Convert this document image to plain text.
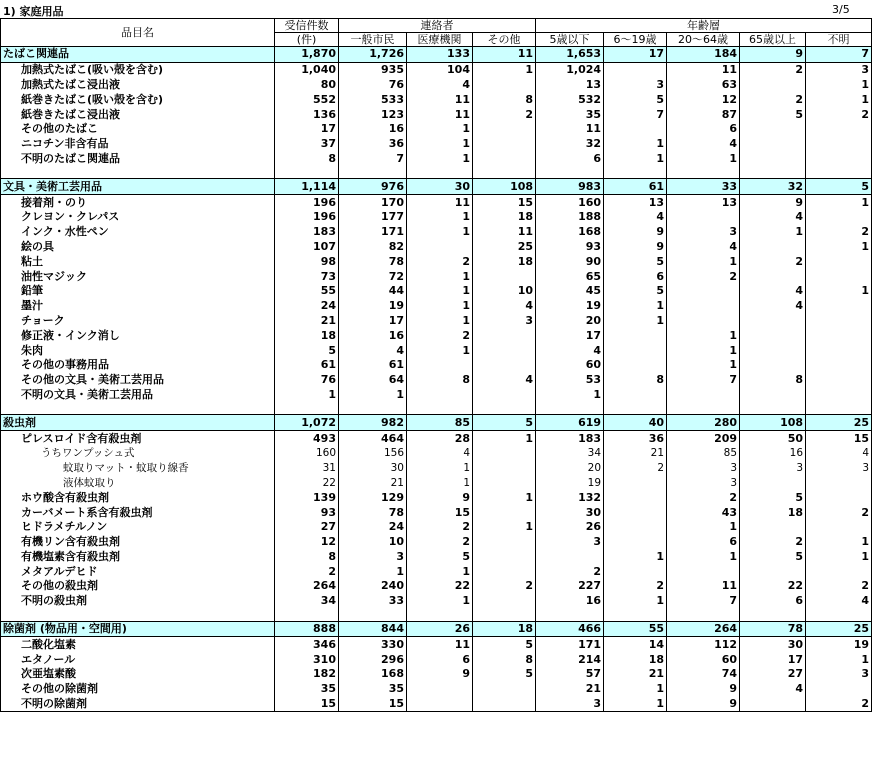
1) 家庭用品	3/5
品目名	受信件数	連絡者			年齢層				
	(件)	一般市民	医療機関	その他	5歳以下	6～19歳	20～64歳	65歳以上	不明
たばこ関連品	1,870	1,726	133	11	1,653	17	184	9	7
加熱式たばこ(吸い殻を含む)	1,040	935	104	1	1,024		11	2	3
加熱式たばこ浸出液	80	76	4		13	3	63		1
紙巻きたばこ(吸い殻を含む)	552	533	11	8	532	5	12	2	1
紙巻きたばこ浸出液	136	123	11	2	35	7	87	5	2
その他のたばこ	17	16	1		11		6		
ニコチン非含有品	37	36	1		32	1	4		
不明のたばこ関連品	8	7	1		6	1	1		

文具・美術工芸用品	1,114	976	30	108	983	61	33	32	5
接着剤・のり	196	170	11	15	160	13	13	9	1
クレヨン・クレパス	196	177	1	18	188	4		4	
インク・水性ペン	183	171	1	11	168	9	3	1	2
絵の具	107	82		25	93	9	4		1
粘土	98	78	2	18	90	5	1	2	
油性マジック	73	72	1		65	6	2		
鉛筆	55	44	1	10	45	5		4	1
墨汁	24	19	1	4	19	1		4	
チョーク	21	17	1	3	20	1			
修正液・インク消し	18	16	2		17		1		
朱肉	5	4	1		4		1		
その他の事務用品	61	61			60		1		
その他の文具・美術工芸用品	76	64	8	4	53	8	7	8	
不明の文具・美術工芸用品	1	1			1				

殺虫剤	1,072	982	85	5	619	40	280	108	25
ピレスロイド含有殺虫剤	493	464	28	1	183	36	209	50	15
うちワンプッシュ式	160	156	4		34	21	85	16	4
蚊取りマット・蚊取り線香	31	30	1		20	2	3	3	3
液体蚊取り	22	21	1		19		3		
ホウ酸含有殺虫剤	139	129	9	1	132		2	5	
カーバメート系含有殺虫剤	93	78	15		30		43	18	2
ヒドラメチルノン	27	24	2	1	26		1		
有機リン含有殺虫剤	12	10	2		3		6	2	1
有機塩素含有殺虫剤	8	3	5			1	1	5	1
メタアルデヒド	2	1	1		2				
その他の殺虫剤	264	240	22	2	227	2	11	22	2
不明の殺虫剤	34	33	1		16	1	7	6	4

除菌剤 (物品用・空間用)	888	844	26	18	466	55	264	78	25
二酸化塩素	346	330	11	5	171	14	112	30	19
エタノール	310	296	6	8	214	18	60	17	1
次亜塩素酸	182	168	9	5	57	21	74	27	3
その他の除菌剤	35	35			21	1	9	4	
不明の除菌剤	15	15			3	1	9		2
